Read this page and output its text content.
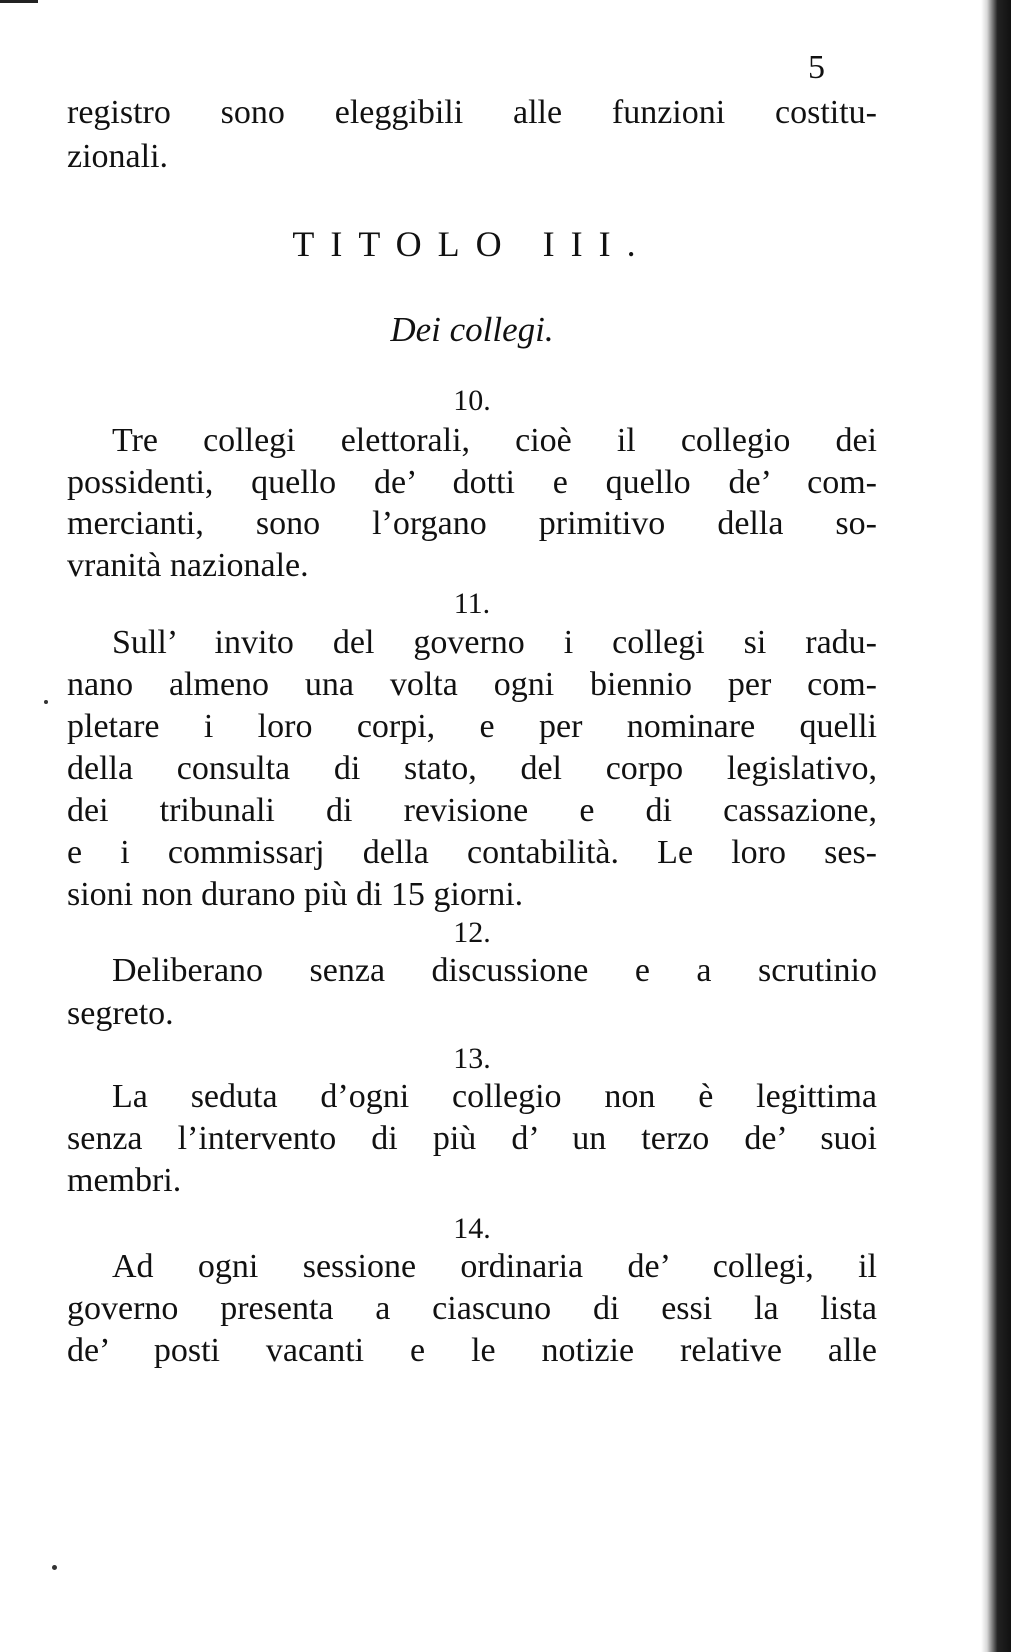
5
registro sono eleggibili alle funzioni costitu-
zionali.
TITOLO III.
Dei collegi.
10.
Tre collegi elettorali, cioè il collegio dei
possidenti, quello de’ dotti e quello de’ com-
mercianti, sono l’organo primitivo della so-
vranità nazionale.
11.
Sull’ invito del governo i collegi si radu-
nano almeno una volta ogni biennio per com-
pletare i loro corpi, e per nominare quelli
della consulta di stato, del corpo legislativo,
dei tribunali di revisione e di cassazione,
e i commissarj della contabilità. Le loro ses-
sioni non durano più di 15 giorni.
12.
Deliberano senza discussione e a scrutinio
segreto.
13.
La seduta d’ogni collegio non è legittima
senza l’intervento di più d’ un terzo de’ suoi
membri.
14.
Ad ogni sessione ordinaria de’ collegi, il
governo presenta a ciascuno di essi la lista
de’ posti vacanti e le notizie relative alle
